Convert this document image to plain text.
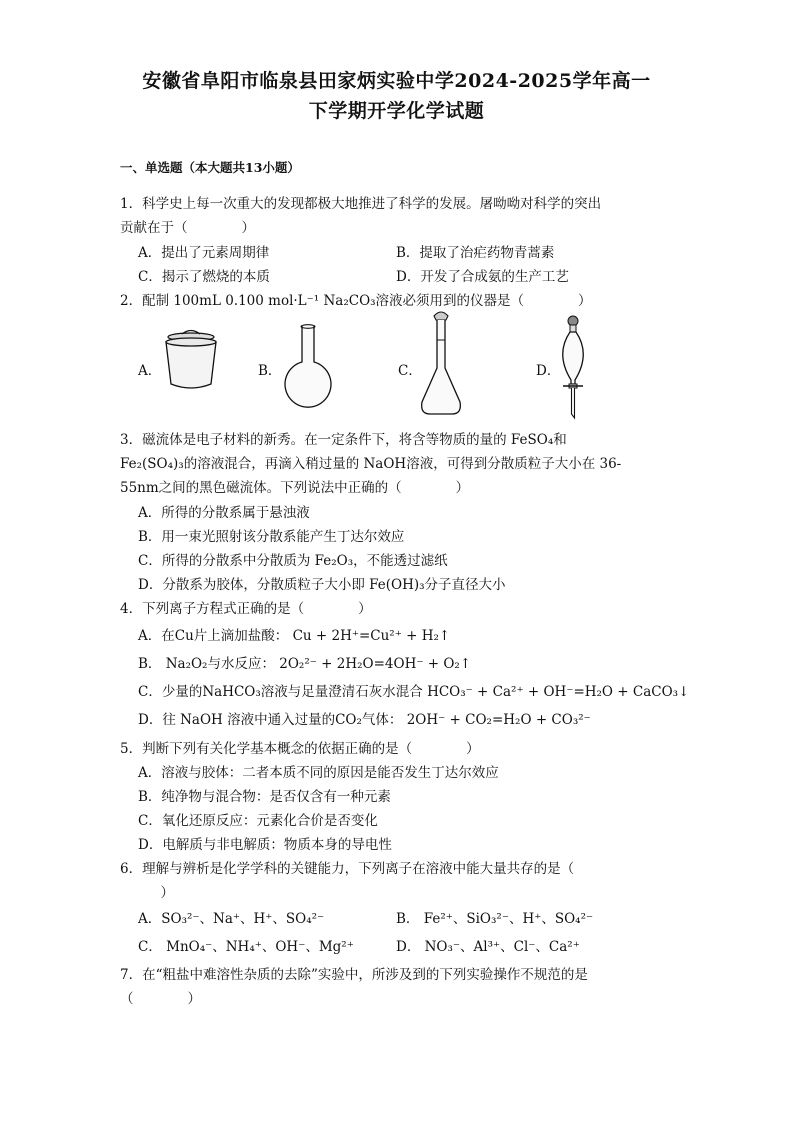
安徽省阜阳市临泉县田家炳实验中学2024-2025学年高一
下学期开学化学试题
一、单选题（本大题共13小题）
1．科学史上每一次重大的发现都极大地推进了科学的发展。屠呦呦对科学的突出
贡献在于（　　　　）
A．提出了元素周期律	B．提取了治疟药物青蒿素
C．揭示了燃烧的本质	D．开发了合成氨的生产工艺
2．配制 100mL 0.100 mol·L⁻¹ Na₂CO₃溶液必须用到的仪器是（　　　　）
A．	B．	C．	D．
3．磁流体是电子材料的新秀。在一定条件下，将含等物质的量的 FeSO₄和
Fe₂(SO₄)₃的溶液混合，再滴入稍过量的 NaOH溶液，可得到分散质粒子大小在 36-
55nm之间的黑色磁流体。下列说法中正确的（　　　　）
A．所得的分散系属于悬浊液
B．用一束光照射该分散系能产生丁达尔效应
C．所得的分散系中分散质为 Fe₂O₃，不能透过滤纸
D．分散系为胶体，分散质粒子大小即 Fe(OH)₃分子直径大小
4．下列离子方程式正确的是（　　　　）
A．在Cu片上滴加盐酸： Cu + 2H⁺=Cu²⁺ + H₂↑
B． Na₂O₂与水反应： 2O₂²⁻ + 2H₂O=4OH⁻ + O₂↑
C．少量的NaHCO₃溶液与足量澄清石灰水混合 HCO₃⁻ + Ca²⁺ + OH⁻=H₂O + CaCO₃↓
D．往 NaOH 溶液中通入过量的CO₂气体： 2OH⁻ + CO₂=H₂O + CO₃²⁻
5．判断下列有关化学基本概念的依据正确的是（　　　　）
A．溶液与胶体：二者本质不同的原因是能否发生丁达尔效应
B．纯净物与混合物：是否仅含有一种元素
C．氧化还原反应：元素化合价是否变化
D．电解质与非电解质：物质本身的导电性
6．理解与辨析是化学学科的关键能力，下列离子在溶液中能大量共存的是（
　　　）
A．SO₃²⁻、Na⁺、H⁺、SO₄²⁻	B． Fe²⁺、SiO₃²⁻、H⁺、SO₄²⁻
C． MnO₄⁻、NH₄⁺、OH⁻、Mg²⁺	D． NO₃⁻、Al³⁺、Cl⁻、Ca²⁺
7．在“粗盐中难溶性杂质的去除”实验中，所涉及到的下列实验操作不规范的是
（　　　　）
